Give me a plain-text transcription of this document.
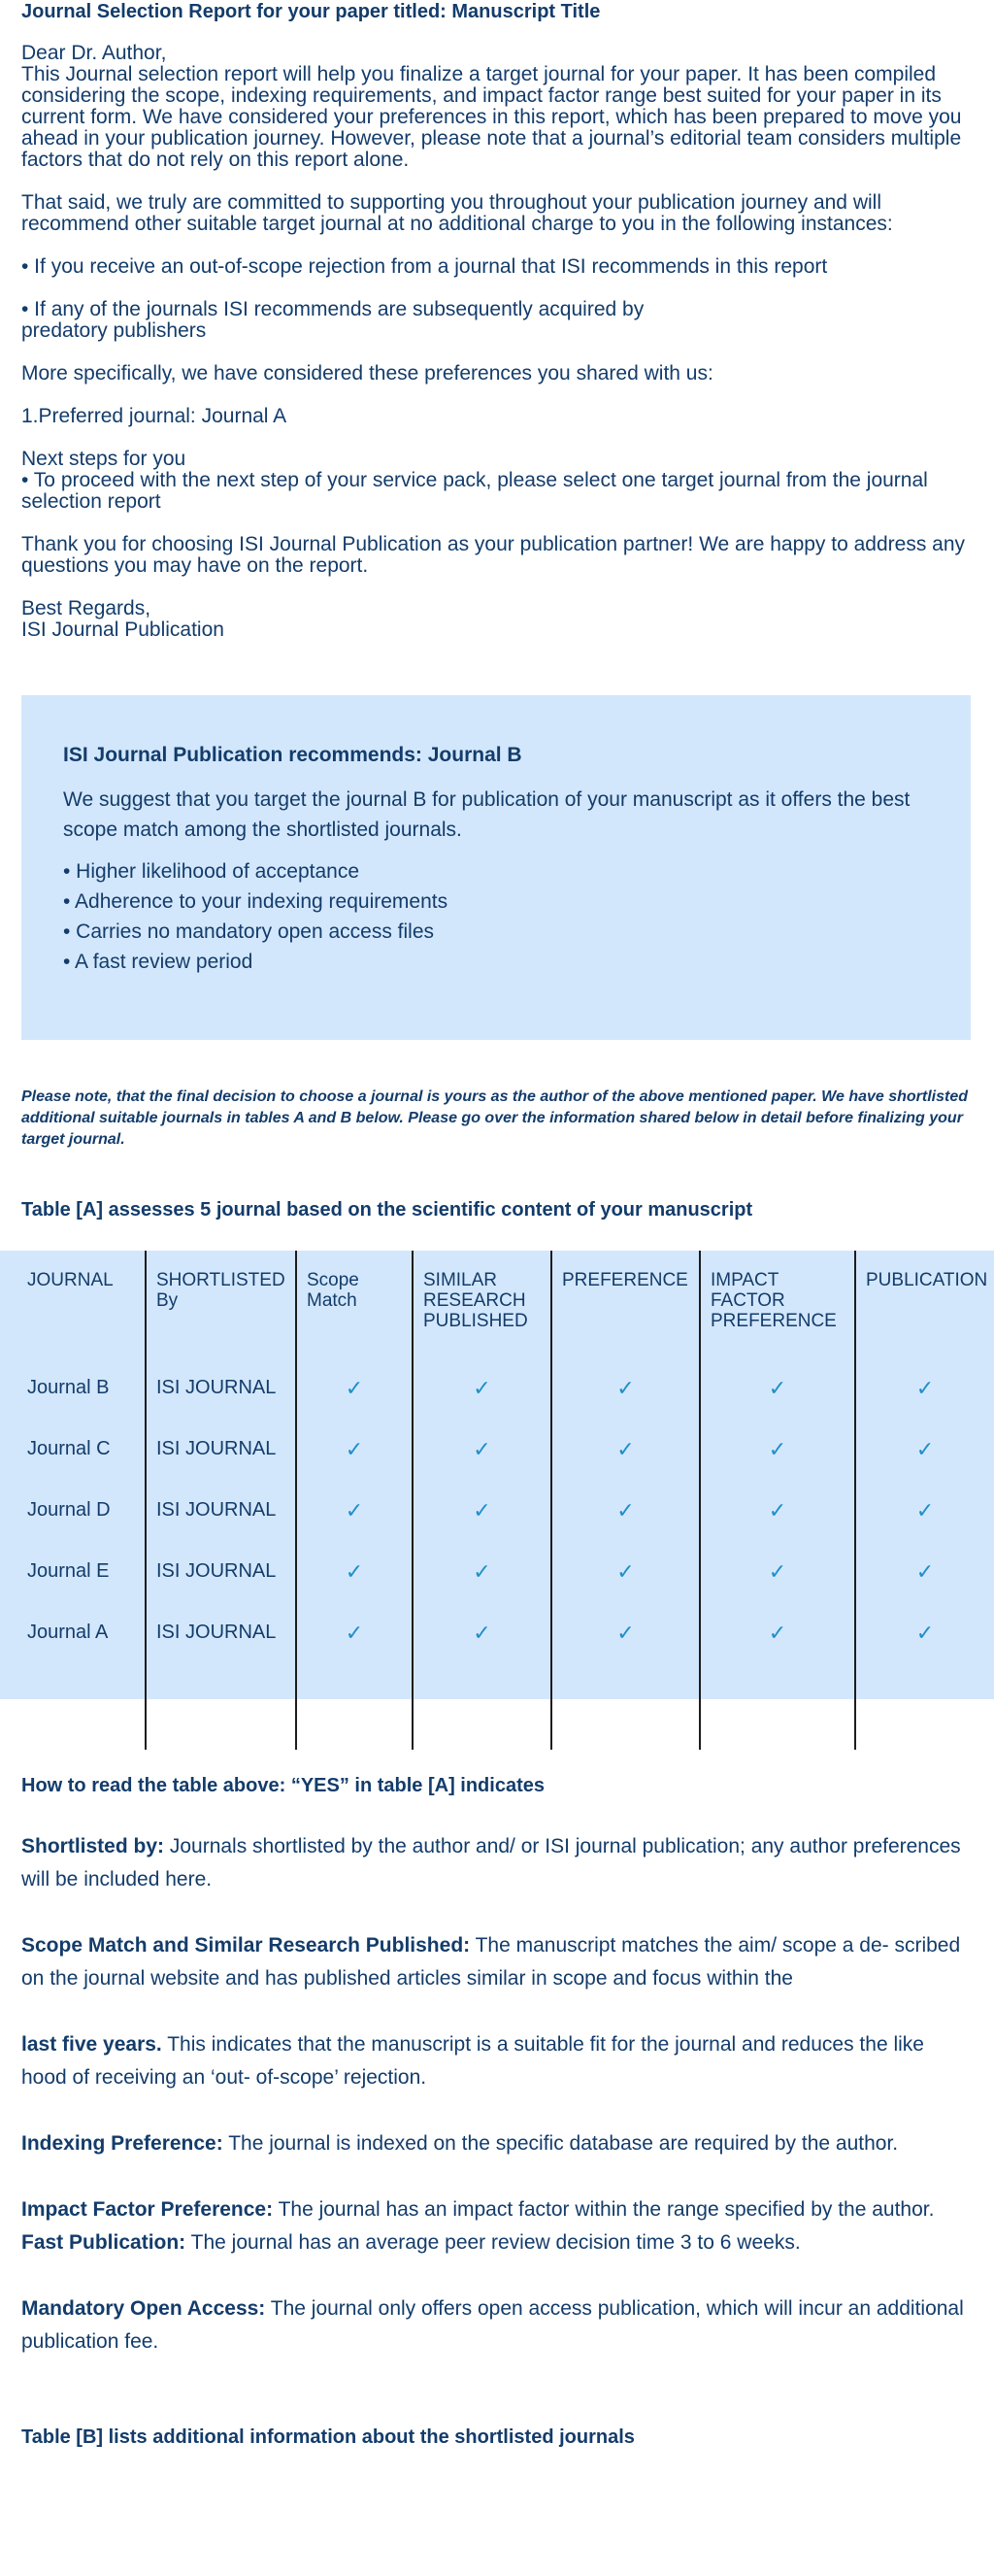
Journal Selection Report for your paper titled: Manuscript Title

Dear Dr. Author,

This Journal selection report will help you finalize a target journal for your paper. It has been compiled considering the scope, indexing requirements, and impact factor range best suited for your paper in its current form. We have considered your preferences in this report, which has been prepared to move you ahead in your publication journey. However, please note that a journal’s editorial team considers multiple factors that do not rely on this report alone.

That said, we truly are committed to supporting you throughout your publication journey and will recommend other suitable target journal at no additional charge to you in the following instances:

• If you receive an out-of-scope rejection from a journal that ISI recommends in this report

• If any of the journals ISI recommends are subsequently acquired by
predatory publishers

More specifically, we have considered these preferences you shared with us:

1.Preferred journal: Journal A

Next steps for you

• To proceed with the next step of your service pack, please select one target journal from the journal selection report

Thank you for choosing ISI Journal Publication as your publication partner! We are happy to address any questions you may have on the report.

Best Regards,

ISI Journal Publication

ISI Journal Publication recommends: Journal B

We suggest that you target the journal B for publication of your manuscript as it offers the best scope match among the shortlisted journals.

• Higher likelihood of acceptance
• Adherence to your indexing requirements
• Carries no mandatory open access files
• A fast review period

Please note, that the final decision to choose a journal is yours as the author of the above mentioned paper. We have shortlisted additional suitable journals in tables A and B below. Please go over the information shared below in detail before finalizing your target journal.

Table [A] assesses 5 journal based on the scientific content of your manuscript

JOURNAL	SHORTLISTED By	Scope Match	SIMILAR RESEARCH PUBLISHED	PREFERENCE	IMPACT FACTOR PREFERENCE	PUBLICATION
Journal B	ISI JOURNAL	✓	✓	✓	✓	✓
Journal C	ISI JOURNAL	✓	✓	✓	✓	✓
Journal D	ISI JOURNAL	✓	✓	✓	✓	✓
Journal E	ISI JOURNAL	✓	✓	✓	✓	✓
Journal A	ISI JOURNAL	✓	✓	✓	✓	✓

How to read the table above: “YES” in table [A] indicates

Shortlisted by: Journals shortlisted by the author and/ or ISI journal publication; any author preferences will be included here.

Scope Match and Similar Research Published: The manuscript matches the aim/ scope a de- scribed on the journal website and has published articles similar in scope and focus within the

last five years. This indicates that the manuscript is a suitable fit for the journal and reduces the like hood of receiving an ‘out- of-scope’ rejection.

Indexing Preference: The journal is indexed on the specific database are required by the author.

Impact Factor Preference: The journal has an impact factor within the range specified by the author.

Fast Publication: The journal has an average peer review decision time 3 to 6 weeks.

Mandatory Open Access: The journal only offers open access publication, which will incur an additional publication fee.

Table [B] lists additional information about the shortlisted journals
